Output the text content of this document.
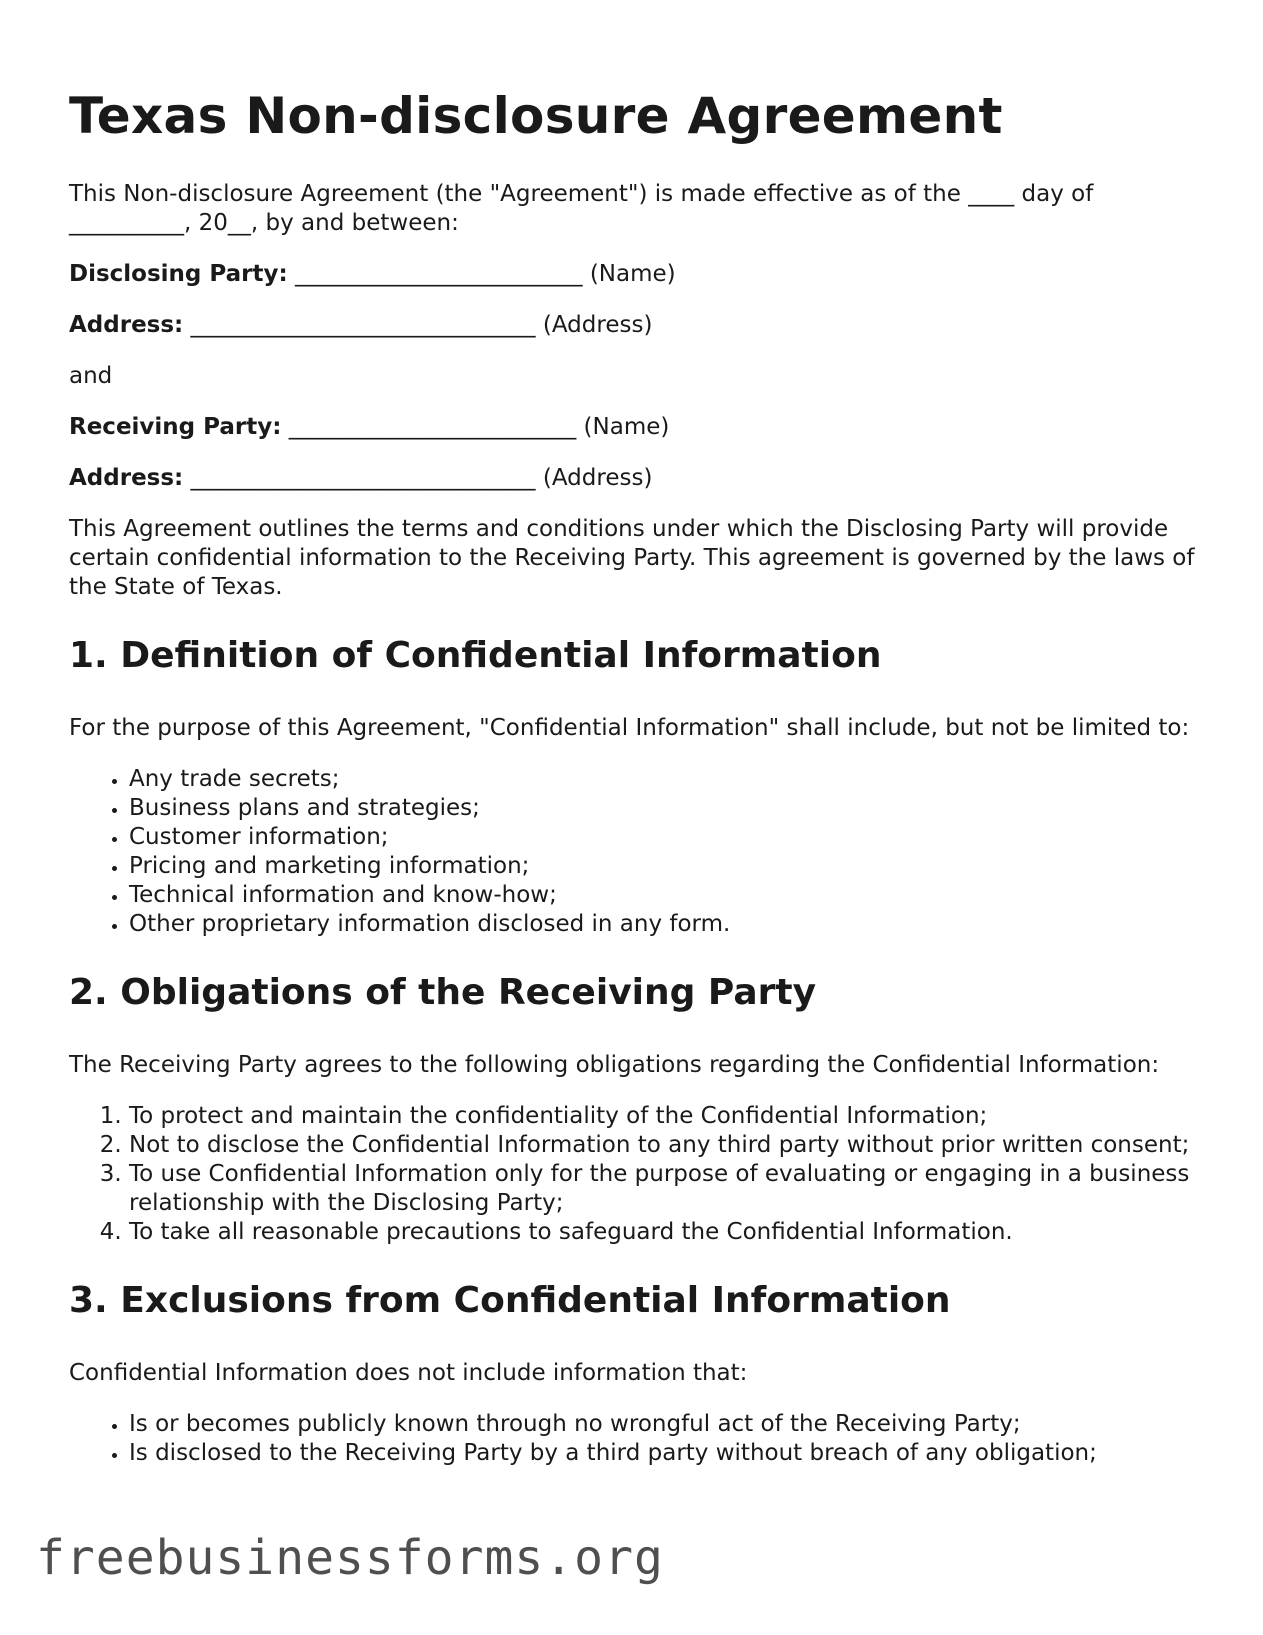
Texas Non-disclosure Agreement

This Non-disclosure Agreement (the "Agreement") is made effective as of the ____ day of __________, 20__, by and between:

Disclosing Party: _________________________ (Name)

Address: ______________________________ (Address)

and

Receiving Party: _________________________ (Name)

Address: ______________________________ (Address)

This Agreement outlines the terms and conditions under which the Disclosing Party will provide certain confidential information to the Receiving Party. This agreement is governed by the laws of the State of Texas.

1. Definition of Confidential Information

For the purpose of this Agreement, "Confidential Information" shall include, but not be limited to:

• Any trade secrets;
• Business plans and strategies;
• Customer information;
• Pricing and marketing information;
• Technical information and know-how;
• Other proprietary information disclosed in any form.
2. Obligations of the Receiving Party

The Receiving Party agrees to the following obligations regarding the Confidential Information:

1. To protect and maintain the confidentiality of the Confidential Information;
2. Not to disclose the Confidential Information to any third party without prior written consent;
3. To use Confidential Information only for the purpose of evaluating or engaging in a business relationship with the Disclosing Party;
4. To take all reasonable precautions to safeguard the Confidential Information.
3. Exclusions from Confidential Information

Confidential Information does not include information that:

• Is or becomes publicly known through no wrongful act of the Receiving Party;
• Is disclosed to the Receiving Party by a third party without breach of any obligation;
freebusinessforms.org
